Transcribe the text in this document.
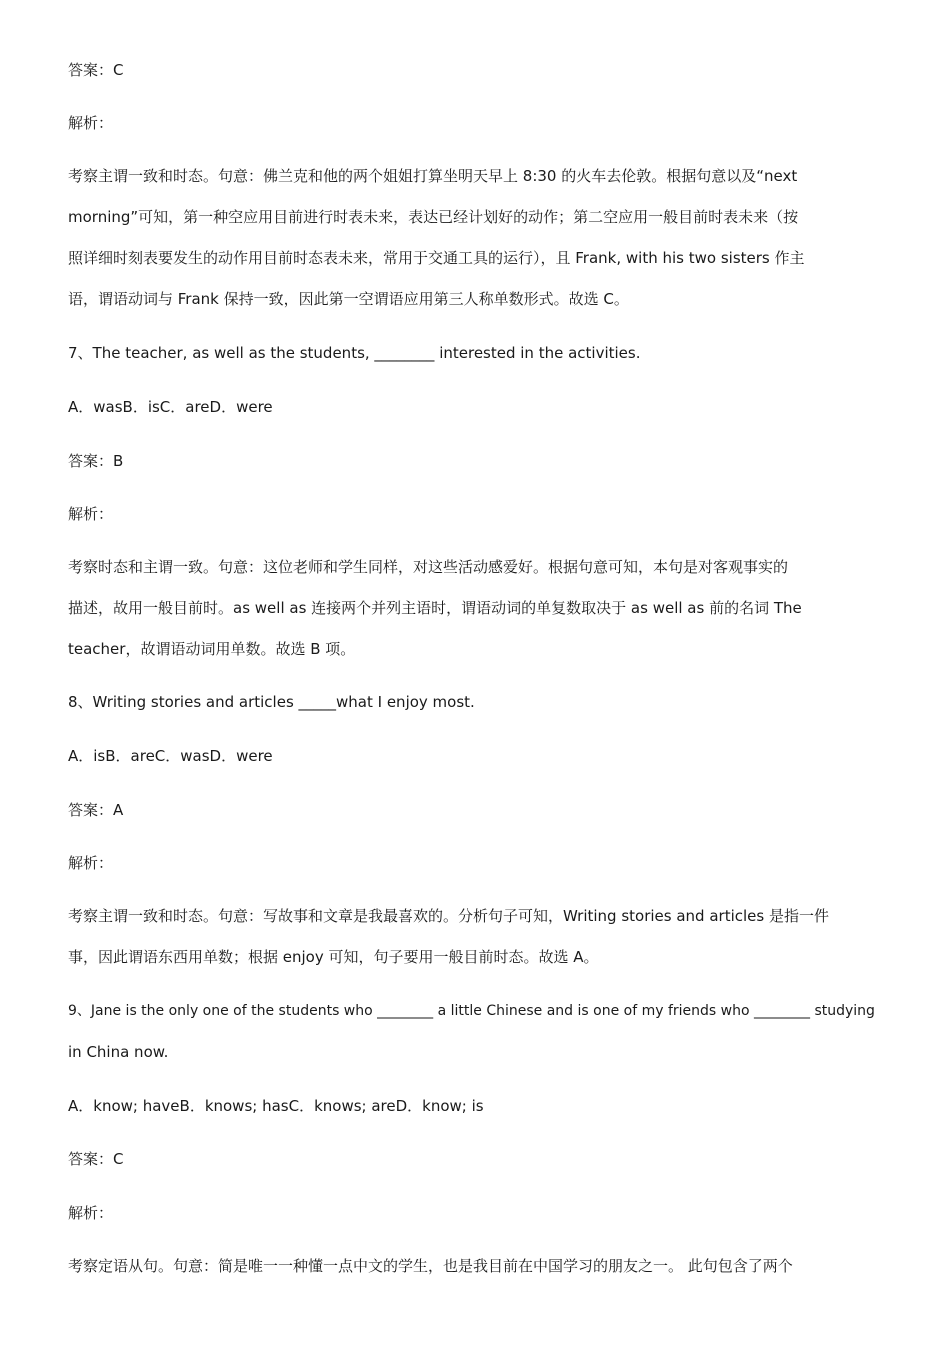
答案：C
解析：
考察主谓一致和时态。句意：佛兰克和他的两个姐姐打算坐明天早上 8:30 的火车去伦敦。根据句意以及“next
morning”可知，第一种空应用目前进行时表未来，表达已经计划好的动作；第二空应用一般目前时表未来（按
照详细时刻表要发生的动作用目前时态表未来，常用于交通工具的运行），且 Frank, with his two sisters 作主
语，谓语动词与 Frank 保持一致，因此第一空谓语应用第三人称单数形式。故选 C。
7、The teacher, as well as the students, ________ interested in the activities.
A．wasB．isC．areD．were
答案：B
解析：
考察时态和主谓一致。句意：这位老师和学生同样，对这些活动感爱好。根据句意可知，本句是对客观事实的
描述，故用一般目前时。as well as 连接两个并列主语时，谓语动词的单复数取决于 as well as 前的名词 The
teacher，故谓语动词用单数。故选 B 项。
8、Writing stories and articles _____what I enjoy most.
A．isB．areC．wasD．were
答案：A
解析：
考察主谓一致和时态。句意：写故事和文章是我最喜欢的。分析句子可知，Writing stories and articles 是指一件
事，因此谓语东西用单数；根据 enjoy 可知，句子要用一般目前时态。故选 A。
9、Jane is the only one of the students who ________ a little Chinese and is one of my friends who ________ studying
in China now.
A．know; haveB．knows; hasC．knows; areD．know; is
答案：C
解析：
考察定语从句。句意：简是唯一一种懂一点中文的学生，也是我目前在中国学习的朋友之一。 此句包含了两个
